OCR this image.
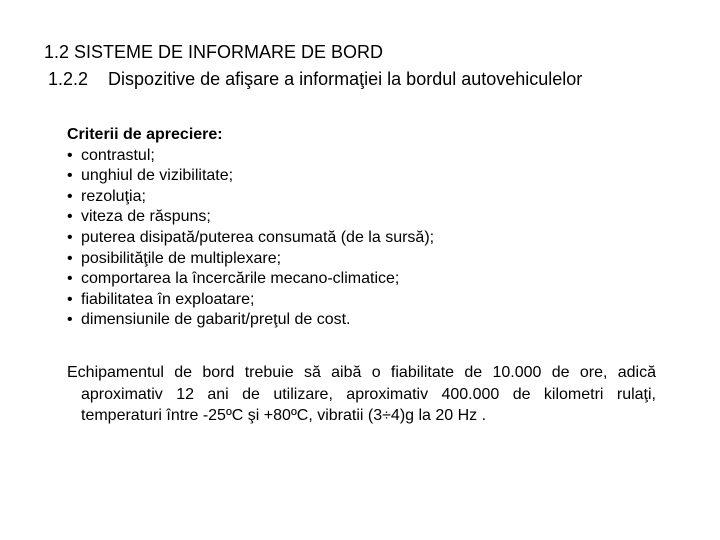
1.2 SISTEME DE INFORMARE DE BORD
1.2.2 Dispozitive de afişare a informaţiei la bordul autovehiculelor
Criterii de apreciere:
• contrastul;
• unghiul de vizibilitate;
• rezoluţia;
• viteza de răspuns;
• puterea disipată/puterea consumată (de la sursă);
• posibilităţile de multiplexare;
• comportarea la încercările mecano-climatice;
• fiabilitatea în exploatare;
• dimensiunile de gabarit/preţul de cost.
Echipamentul de bord trebuie să aibă o fiabilitate de 10.000 de ore, adică
aproximativ 12 ani de utilizare, aproximativ 400.000 de kilometri rulaţi,
temperaturi între -25ºC şi +80ºC, vibratii (3÷4)g la 20 Hz .
